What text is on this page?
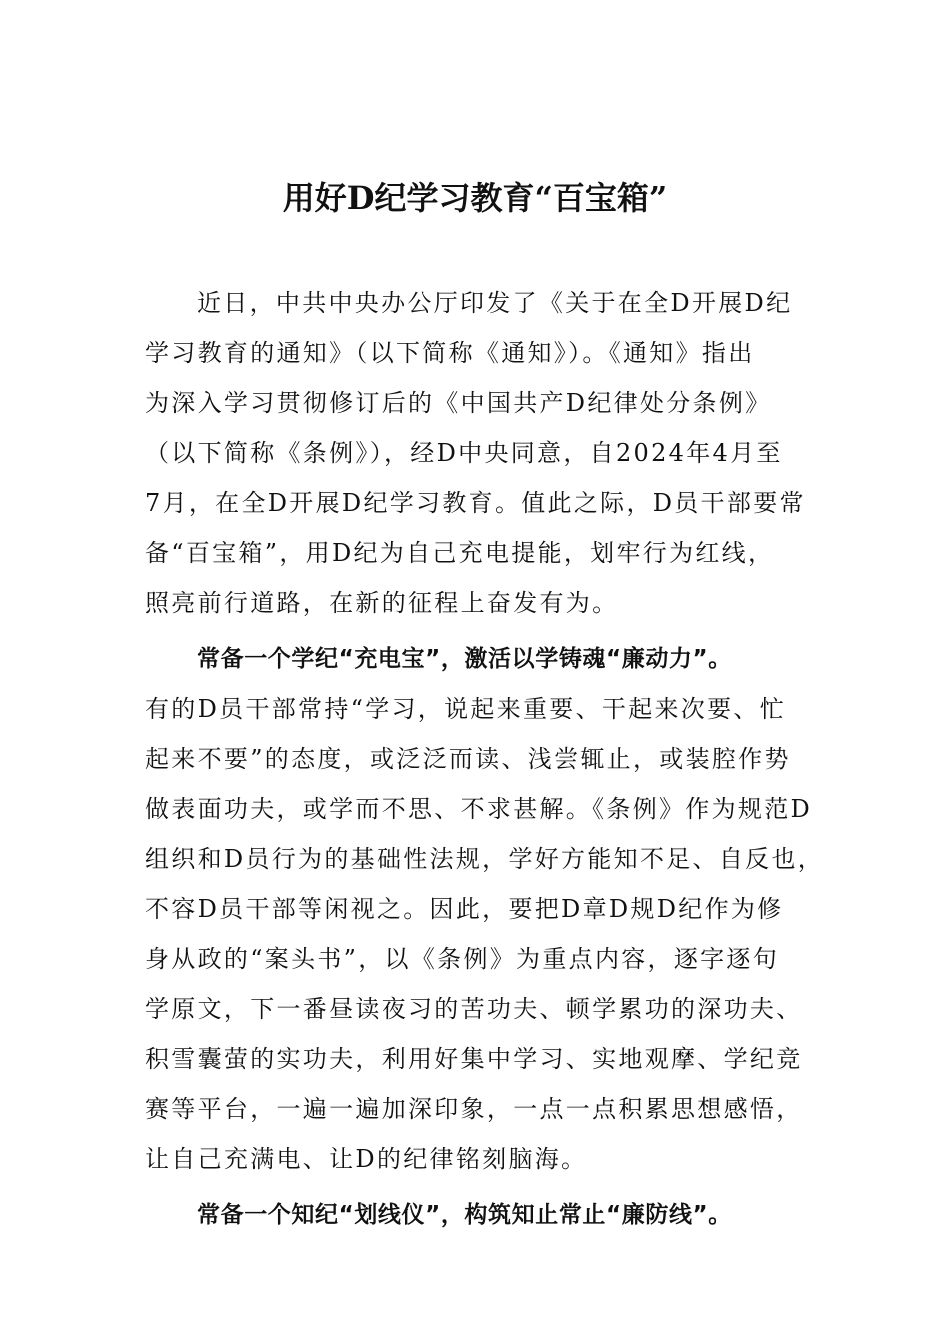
用好D纪学习教育“百宝箱”
近日，中共中央办公厅印发了《关于在全D开展D纪
学习教育的通知》（以下简称《通知》）。《通知》指出
为深入学习贯彻修订后的《中国共产D纪律处分条例》
（以下简称《条例》），经D中央同意，自2024年4月至
7月，在全D开展D纪学习教育。值此之际，D员干部要常
备“百宝箱”，用D纪为自己充电提能，划牢行为红线，
照亮前行道路，在新的征程上奋发有为。
常备一个学纪“充电宝”，激活以学铸魂“廉动力”。
有的D员干部常持“学习，说起来重要、干起来次要、忙
起来不要”的态度，或泛泛而读、浅尝辄止，或装腔作势
做表面功夫，或学而不思、不求甚解。《条例》作为规范D
组织和D员行为的基础性法规，学好方能知不足、自反也，
不容D员干部等闲视之。因此，要把D章D规D纪作为修
身从政的“案头书”，以《条例》为重点内容，逐字逐句
学原文，下一番昼读夜习的苦功夫、顿学累功的深功夫、
积雪囊萤的实功夫，利用好集中学习、实地观摩、学纪竞
赛等平台，一遍一遍加深印象，一点一点积累思想感悟，
让自己充满电、让D的纪律铭刻脑海。
常备一个知纪“划线仪”，构筑知止常止“廉防线”。
